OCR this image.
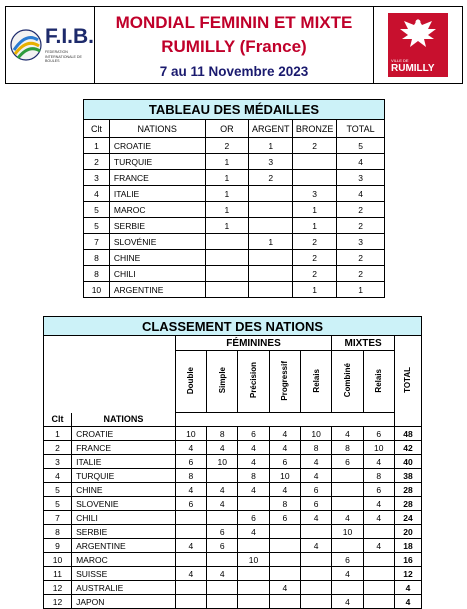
F.I.B.
FEDERATION INTERNATIONALE DE BOULES
MONDIAL FEMININ ET MIXTE
RUMILLY (France)
7 au 11 Novembre 2023
VILLE DE
RUMILLY
TABLEAU DES MÉDAILLES					
Clt	NATIONS	OR	ARGENT	BRONZE	TOTAL
1	CROATIE	2	1	2	5
2	TURQUIE	1	3		4
3	FRANCE	1	2		3
4	ITALIE	1		3	4
5	MAROC	1		1	2
5	SERBIE	1		1	2
7	SLOVÉNIE		1	2	3
8	CHINE			2	2
8	CHILI			2	2
10	ARGENTINE			1	1
CLASSEMENT DES NATIONS									
		FÉMININES					MIXTES		TOTAL
		Double	Simple	Précision	Progressif	Relais	Combiné	Relais	
Clt	NATIONS								
1	CROATIE	10	8	6	4	10	4	6	48
2	FRANCE	4	4	4	4	8	8	10	42
3	ITALIE	6	10	4	6	4	6	4	40
4	TURQUIE	8		8	10	4		8	38
5	CHINE	4	4	4	4	6		6	28
5	SLOVENIE	6	4		8	6		4	28
7	CHILI			6	6	4	4	4	24
8	SERBIE		6	4			10		20
9	ARGENTINE	4	6			4		4	18
10	MAROC			10			6		16
11	SUISSE	4	4				4		12
12	AUSTRALIE				4				4
12	JAPON						4		4
